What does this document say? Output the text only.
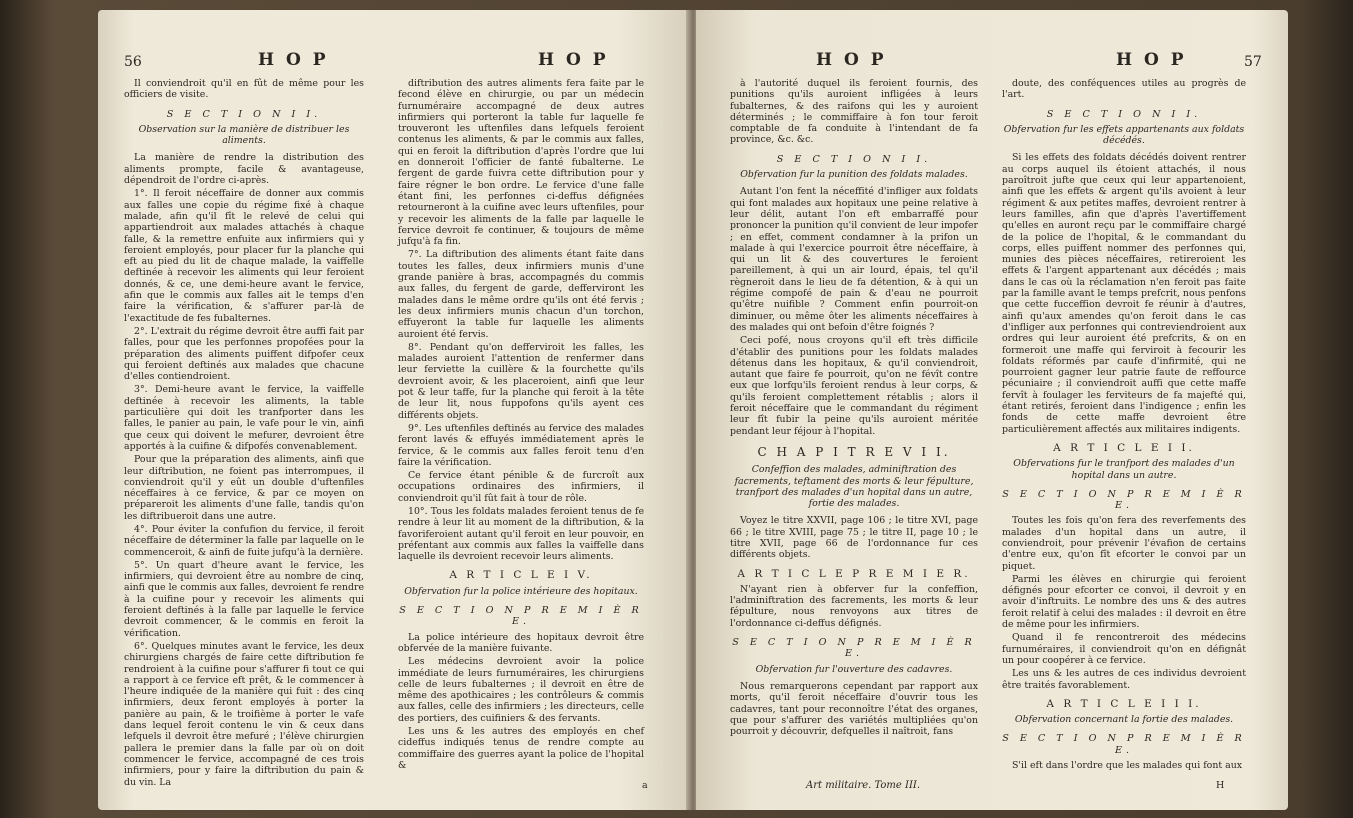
56	H O P	H O P

Il conviendroit qu'il en fût de même pour les officiers de visite.

S E C T I O N I I.
Observation sur la manière de distribuer les aliments.

La manière de rendre la distribution des aliments prompte, facile & avantageuse, dépendroit de l'ordre ci-après.

1°. Il feroit néceffaire de donner aux commis aux falles une copie du régime fixé à chaque malade, afin qu'il fît le relevé de celui qui appartiendroit aux malades attachés à chaque falle, & la remettre enfuite aux infirmiers qui y feroient employés, pour placer fur la planche qui eft au pied du lit de chaque malade, la vaiffelle deftinée à recevoir les aliments qui leur feroient donnés, & ce, une demi-heure avant le fervice, afin que le commis aux falles ait le temps d'en faire la vérification, & s'affurer par-là de l'exactitude de fes fubalternes.

2°. L'extrait du régime devroit être auffi fait par falles, pour que les perfonnes propofées pour la préparation des aliments puiffent difpofer ceux qui feroient deftinés aux malades que chacune d'elles contiendroient.

3°. Demi-heure avant le fervice, la vaiffelle deftinée à recevoir les aliments, la table particulière qui doit les tranfporter dans les falles, le panier au pain, le vafe pour le vin, ainfi que ceux qui doivent le mefurer, devroient être apportés à la cuifine & difpofés convenablement.

Pour que la préparation des aliments, ainfi que leur diftribution, ne foient pas interrompues, il conviendroit qu'il y eût un double d'uftenfiles néceffaires à ce fervice, & par ce moyen on prépareroit les aliments d'une falle, tandis qu'on les diftribueroit dans une autre.

4°. Pour éviter la confufion du fervice, il feroit néceffaire de déterminer la falle par laquelle on le commenceroit, & ainfi de fuite jufqu'à la dernière.

5°. Un quart d'heure avant le fervice, les infirmiers, qui devroient être au nombre de cinq, ainfi que le commis aux falles, devroient fe rendre à la cuifine pour y recevoir les aliments qui feroient deftinés à la falle par laquelle le fervice devroit commencer, & le commis en feroit la vérification.

6°. Quelques minutes avant le fervice, les deux chirurgiens chargés de faire cette diftribution fe rendroient à la cuifine pour s'affurer fi tout ce qui a rapport à ce fervice eft prêt, & le commencer à l'heure indiquée de la manière qui fuit : des cinq infirmiers, deux feront employés à porter la panière au pain, & le troifième à porter le vafe dans lequel feroit contenu le vin & ceux dans lefquels il devroit être mefuré ; l'élève chirurgien pallera le premier dans la falle par où on doit commencer le fervice, accompagné de ces trois infirmiers, pour y faire la diftribution du pain & du vin. La

diftribution des autres aliments fera faite par le fecond élève en chirurgie, ou par un médecin furnuméraire accompagné de deux autres infirmiers qui porteront la table fur laquelle fe trouveront les uftenfiles dans lefquels feroient contenus les aliments, & par le commis aux falles, qui en feroit la diftribution d'après l'ordre que lui en donneroit l'officier de fanté fubalterne. Le fergent de garde fuivra cette diftribution pour y faire régner le bon ordre. Le fervice d'une falle étant fini, les perfonnes ci-deffus défignées retourneront à la cuifine avec leurs uftenfiles, pour y recevoir les aliments de la falle par laquelle le fervice devroit fe continuer, & toujours de même jufqu'à fa fin.

7°. La diftribution des aliments étant faite dans toutes les falles, deux infirmiers munis d'une grande panière à bras, accompagnés du commis aux falles, du fergent de garde, defferviront les malades dans le même ordre qu'ils ont été fervis ; les deux infirmiers munis chacun d'un torchon, effuyeront la table fur laquelle les aliments auroient été fervis.

8°. Pendant qu'on defferviroit les falles, les malades auroient l'attention de renfermer dans leur ferviette la cuillère & la fourchette qu'ils devroient avoir, & les placeroient, ainfi que leur pot & leur taffe, fur la planche qui feroit à la tête de leur lit, nous fuppofons qu'ils ayent ces différents objets.

9°. Les uftenfiles deftinés au fervice des malades feront lavés & effuyés immédiatement après le fervice, & le commis aux falles feroit tenu d'en faire la vérification.

Ce fervice étant pénible & de furcroît aux occupations ordinaires des infirmiers, il conviendroit qu'il fût fait à tour de rôle.

10°. Tous les foldats malades feroient tenus de fe rendre à leur lit au moment de la diftribution, & la favoriferoient autant qu'il feroit en leur pouvoir, en préfentant aux commis aux falles la vaiffelle dans laquelle ils devroient recevoir leurs aliments.

A R T I C L E I V.
Obfervation fur la police intérieure des hopitaux.
S E C T I O N P R E M I È R E.

La police intérieure des hopitaux devroit être obfervée de la manière fuivante.

Les médecins devroient avoir la police immédiate de leurs furnuméraires, les chirurgiens celle de leurs fubalternes ; il devroit en être de même des apothicaires ; les contrôleurs & commis aux falles, celle des infirmiers ; les directeurs, celle des portiers, des cuifiniers & des fervants.

Les uns & les autres des employés en chef cideffus indiqués tenus de rendre compte au commiffaire des guerres ayant la police de l'hopital &

a
H O P	H O P	57

à l'autorité duquel ils feroient fournis, des punitions qu'ils auroient infligées à leurs fubalternes, & des raifons qui les y auroient déterminés ; le commiffaire à fon tour feroit comptable de fa conduite à l'intendant de fa province, &c. &c.

S E C T I O N I I.
Obfervation fur la punition des foldats malades.

Autant l'on fent la néceffité d'infliger aux foldats qui font malades aux hopitaux une peine relative à leur délit, autant l'on eft embarraffé pour prononcer la punition qu'il convient de leur impofer ; en effet, comment condamner à la prifon un malade à qui l'exercice pourroit être néceffaire, à qui un lit & des couvertures le feroient pareillement, à qui un air lourd, épais, tel qu'il règneroit dans le lieu de fa détention, & à qui un régime compofé de pain & d'eau ne pourroit qu'être nuifible ? Comment enfin pourroit-on diminuer, ou même ôter les aliments néceffaires à des malades qui ont befoin d'être foignés ?

Ceci pofé, nous croyons qu'il eft très difficile d'établir des punitions pour les foldats malades détenus dans les hopitaux, & qu'il conviendroit, autant que faire fe pourroit, qu'on ne févît contre eux que lorfqu'ils feroient rendus à leur corps, & qu'ils feroient complettement rétablis ; alors il feroit néceffaire que le commandant du régiment leur fît fubir la peine qu'ils auroient méritée pendant leur féjour à l'hopital.

C H A P I T R E V I I.
Confeffion des malades, adminiftration des facrements, teftament des morts & leur fépulture, tranfport des malades d'un hopital dans un autre, fortie des malades.

Voyez le titre XXVII, page 106 ; le titre XVI, page 66 ; le titre XVIII, page 75 ; le titre II, page 10 ; le titre XVII, page 66 de l'ordonnance fur ces différents objets.

A R T I C L E P R E M I E R.

N'ayant rien à obferver fur la confeffion, l'adminiftration des facrements, les morts & leur fépulture, nous renvoyons aux titres de l'ordonnance ci-deffus défignés.

S E C T I O N P R E M I È R E.
Obfervation fur l'ouverture des cadavres.

Nous remarquerons cependant par rapport aux morts, qu'il feroit néceffaire d'ouvrir tous les cadavres, tant pour reconnoître l'état des organes, que pour s'affurer des variétés multipliées qu'on pourroit y découvrir, defquelles il naîtroit, fans

Art militaire. Tome III.

doute, des conféquences utiles au progrès de l'art.

S E C T I O N I I.
Obfervation fur les effets appartenants aux foldats décédés.

Si les effets des foldats décédés doivent rentrer au corps auquel ils étoient attachés, il nous paroîtroit jufte que ceux qui leur appartenoient, ainfi que les effets & argent qu'ils avoient à leur régiment & aux petites maffes, devroient rentrer à leurs familles, afin que d'après l'avertiffement qu'elles en auront reçu par le commiffaire chargé de la police de l'hopital, & le commandant du corps, elles puiffent nommer des perfonnes qui, munies des pièces néceffaires, retireroient les effets & l'argent appartenant aux décédés ; mais dans le cas où la réclamation n'en feroit pas faite par la famille avant le temps prefcrit, nous penfons que cette fucceffion devroit fe réunir à d'autres, ainfi qu'aux amendes qu'on feroit dans le cas d'infliger aux perfonnes qui contreviendroient aux ordres qui leur auroient été prefcrits, & on en formeroit une maffe qui ferviroit à fecourir les foldats réformés par caufe d'infirmité, qui ne pourroient gagner leur patrie faute de reffource pécuniaire ; il conviendroit auffi que cette maffe fervît à foulager les ferviteurs de fa majefté qui, étant retirés, feroient dans l'indigence ; enfin les fonds de cette maffe devroient être particulièrement affectés aux militaires indigents.

A R T I C L E I I.
Obfervations fur le tranfport des malades d'un hopital dans un autre.
S E C T I O N P R E M I È R E.

Toutes les fois qu'on fera des reverfements des malades d'un hopital dans un autre, il conviendroit, pour prévenir l'évafion de certains d'entre eux, qu'on fît efcorter le convoi par un piquet.

Parmi les élèves en chirurgie qui feroient défignés pour efcorter ce convoi, il devroit y en avoir d'inftruits. Le nombre des uns & des autres feroit relatif à celui des malades : il devroit en être de même pour les infirmiers.

Quand il fe rencontreroit des médecins furnuméraires, il conviendroit qu'on en défignât un pour coopérer à ce fervice.

Les uns & les autres de ces individus devroient être traités favorablement.

A R T I C L E I I I.
Obfervation concernant la fortie des malades.
S E C T I O N P R E M I È R E.

S'il eft dans l'ordre que les malades qui font aux

H
